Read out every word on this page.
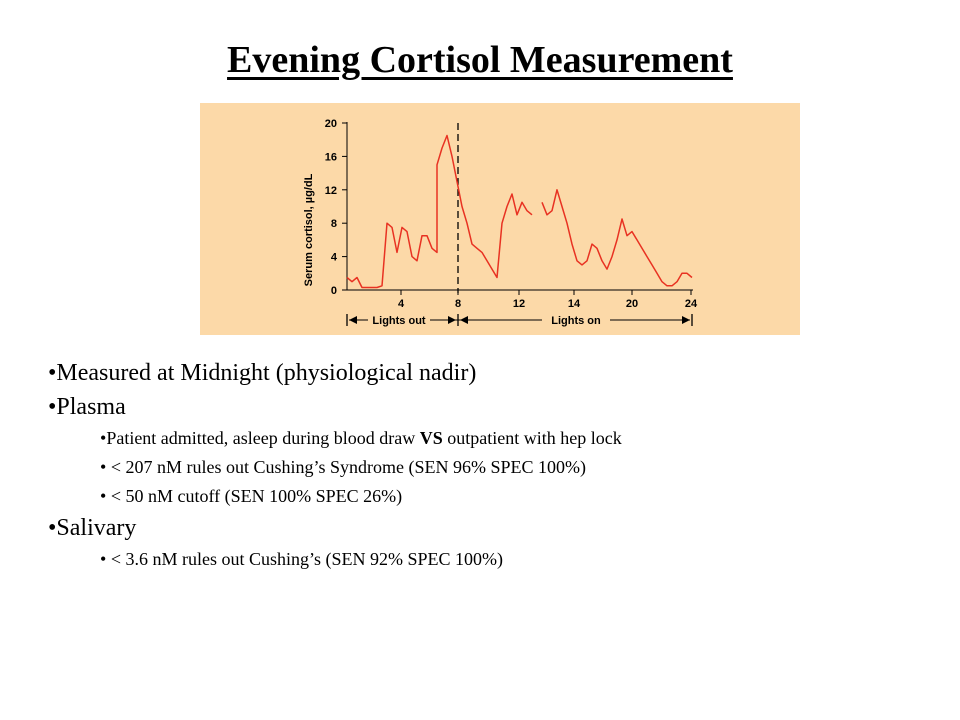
Evening Cortisol Measurement
Serum cortisol, µg/dL
0
4
8
12
16
20
4	8	12	14	20	24
Lights out	Lights on
• Measured at Midnight (physiological nadir)
• Plasma
• Patient admitted, asleep during blood draw VS outpatient with hep lock
• < 207 nM rules out Cushing’s Syndrome (SEN 96% SPEC 100%)
• < 50 nM cutoff (SEN 100% SPEC 26%)
• Salivary
• < 3.6 nM rules out Cushing’s (SEN 92% SPEC 100%)
